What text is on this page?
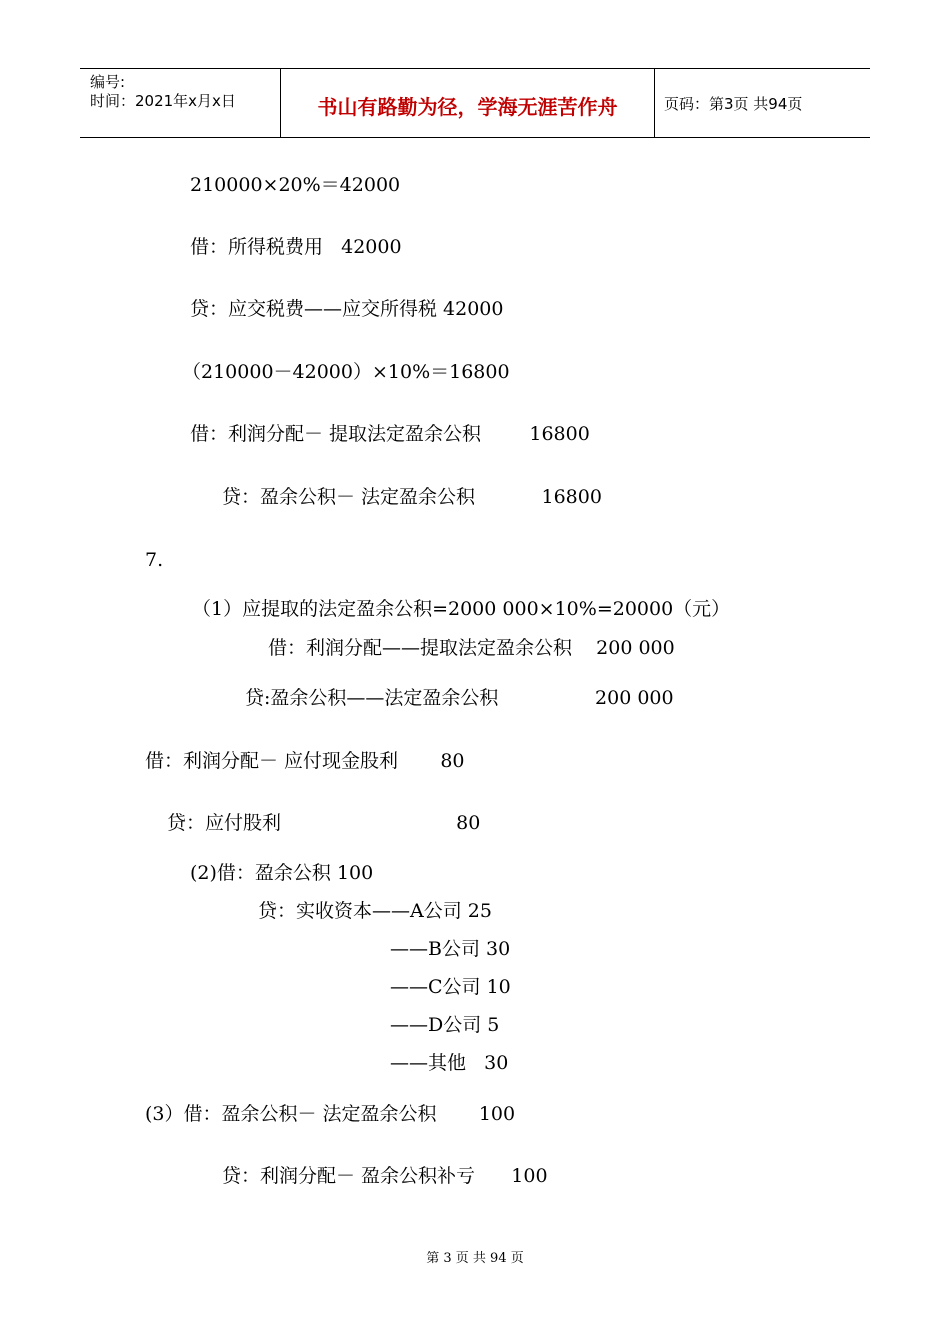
编号:
时间：2021年x月x日	书山有路勤为径，学海无涯苦作舟	页码：第3页 共94页
210000×20%＝42000
借：所得税费用   42000
贷：应交税费——应交所得税 42000
（210000－42000）×10%＝16800
借：利润分配－ 提取法定盈余公积        16800
贷：盈余公积－ 法定盈余公积           16800
7.
（1）应提取的法定盈余公积=2000 000×10%=20000（元）
借：利润分配——提取法定盈余公积    200 000
贷:盈余公积——法定盈余公积                200 000
借：利润分配－ 应付现金股利       80
贷：应付股利                             80
(2)借：盈余公积 100
贷：实收资本——A公司 25
——B公司 30
——C公司 10
——D公司 5
——其他   30
(3）借：盈余公积－ 法定盈余公积       100
贷：利润分配－ 盈余公积补亏      100
第 3 页 共 94 页
